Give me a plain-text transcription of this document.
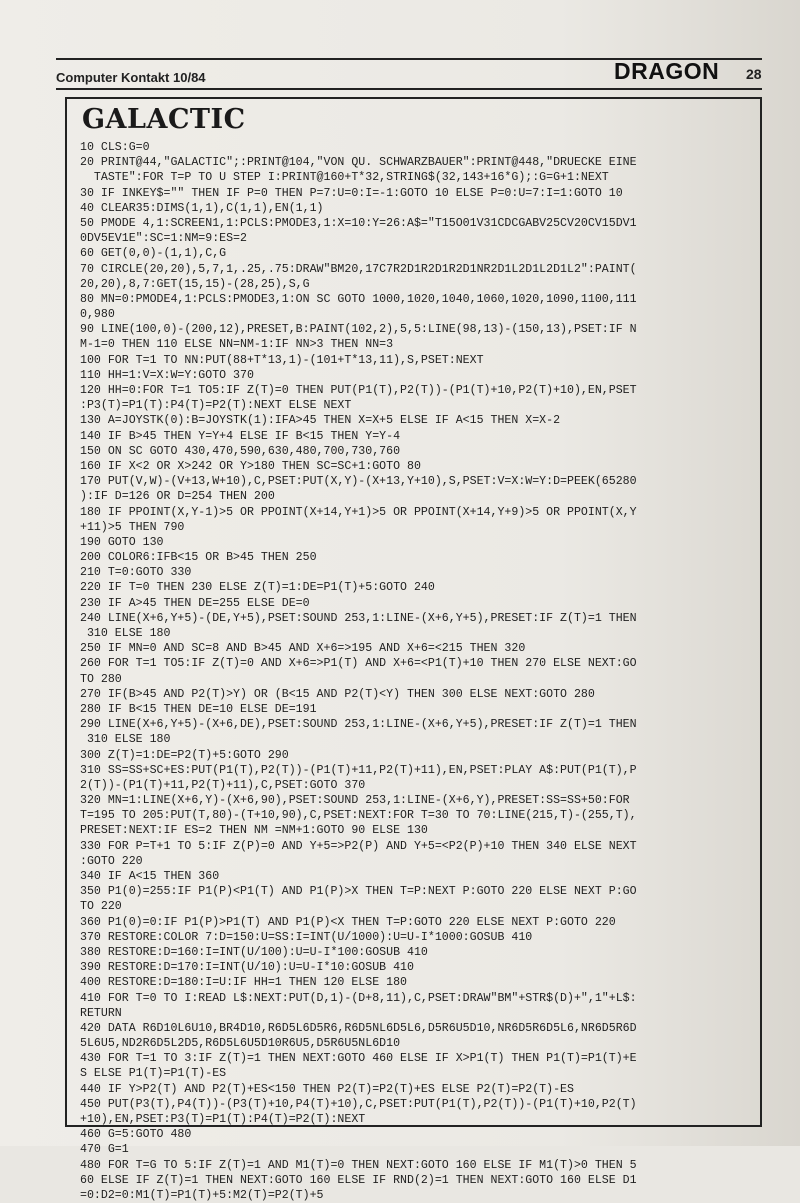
Computer Kontakt 10/84	DRAGON 28
GALACTIC
10 CLS:G=0
20 PRINT@44,"GALACTIC";:PRINT@104,"VON QU. SCHWARZBAUER":PRINT@448,"DRUECKE EINE
TASTE":FOR T=P TO U STEP I:PRINT@160+T*32,STRING$(32,143+16*G);:G=G+1:NEXT
30 IF INKEY$="" THEN IF P=0 THEN P=7:U=0:I=-1:GOTO 10 ELSE P=0:U=7:I=1:GOTO 10
40 CLEAR35:DIMS(1,1),C(1,1),EN(1,1)
50 PMODE 4,1:SCREEN1,1:PCLS:PMODE3,1:X=10:Y=26:A$="T15O01V31CDCGABV25CV20CV15DV1
0DV5EV1E":SC=1:NM=9:ES=2
60 GET(0,0)-(1,1),C,G
70 CIRCLE(20,20),5,7,1,.25,.75:DRAW"BM20,17C7R2D1R2D1R2D1NR2D1L2D1L2D1L2":PAINT(
20,20),8,7:GET(15,15)-(28,25),S,G
80 MN=0:PMODE4,1:PCLS:PMODE3,1:ON SC GOTO 1000,1020,1040,1060,1020,1090,1100,111
0,980
90 LINE(100,0)-(200,12),PRESET,B:PAINT(102,2),5,5:LINE(98,13)-(150,13),PSET:IF N
M-1=0 THEN 110 ELSE NN=NM-1:IF NN>3 THEN NN=3
100 FOR T=1 TO NN:PUT(88+T*13,1)-(101+T*13,11),S,PSET:NEXT
110 HH=1:V=X:W=Y:GOTO 370
120 HH=0:FOR T=1 TO5:IF Z(T)=0 THEN PUT(P1(T),P2(T))-(P1(T)+10,P2(T)+10),EN,PSET
:P3(T)=P1(T):P4(T)=P2(T):NEXT ELSE NEXT
130 A=JOYSTK(0):B=JOYSTK(1):IFA>45 THEN X=X+5 ELSE IF A<15 THEN X=X-2
140 IF B>45 THEN Y=Y+4 ELSE IF B<15 THEN Y=Y-4
150 ON SC GOTO 430,470,590,630,480,700,730,760
160 IF X<2 OR X>242 OR Y>180 THEN SC=SC+1:GOTO 80
170 PUT(V,W)-(V+13,W+10),C,PSET:PUT(X,Y)-(X+13,Y+10),S,PSET:V=X:W=Y:D=PEEK(65280
):IF D=126 OR D=254 THEN 200
180 IF PPOINT(X,Y-1)>5 OR PPOINT(X+14,Y+1)>5 OR PPOINT(X+14,Y+9)>5 OR PPOINT(X,Y
+11)>5 THEN 790
190 GOTO 130
200 COLOR6:IFB<15 OR B>45 THEN 250
210 T=0:GOTO 330
220 IF T=0 THEN 230 ELSE Z(T)=1:DE=P1(T)+5:GOTO 240
230 IF A>45 THEN DE=255 ELSE DE=0
240 LINE(X+6,Y+5)-(DE,Y+5),PSET:SOUND 253,1:LINE-(X+6,Y+5),PRESET:IF Z(T)=1 THEN
310 ELSE 180
250 IF MN=0 AND SC=8 AND B>45 AND X+6=>195 AND X+6=<215 THEN 320
260 FOR T=1 TO5:IF Z(T)=0 AND X+6=>P1(T) AND X+6=<P1(T)+10 THEN 270 ELSE NEXT:GO
TO 280
270 IF(B>45 AND P2(T)>Y) OR (B<15 AND P2(T)<Y) THEN 300 ELSE NEXT:GOTO 280
280 IF B<15 THEN DE=10 ELSE DE=191
290 LINE(X+6,Y+5)-(X+6,DE),PSET:SOUND 253,1:LINE-(X+6,Y+5),PRESET:IF Z(T)=1 THEN
310 ELSE 180
300 Z(T)=1:DE=P2(T)+5:GOTO 290
310 SS=SS+SC+ES:PUT(P1(T),P2(T))-(P1(T)+11,P2(T)+11),EN,PSET:PLAY A$:PUT(P1(T),P
2(T))-(P1(T)+11,P2(T)+11),C,PSET:GOTO 370
320 MN=1:LINE(X+6,Y)-(X+6,90),PSET:SOUND 253,1:LINE-(X+6,Y),PRESET:SS=SS+50:FOR
T=195 TO 205:PUT(T,80)-(T+10,90),C,PSET:NEXT:FOR T=30 TO 70:LINE(215,T)-(255,T),
PRESET:NEXT:IF ES=2 THEN NM =NM+1:GOTO 90 ELSE 130
330 FOR P=T+1 TO 5:IF Z(P)=0 AND Y+5=>P2(P) AND Y+5=<P2(P)+10 THEN 340 ELSE NEXT
:GOTO 220
340 IF A<15 THEN 360
350 P1(0)=255:IF P1(P)<P1(T) AND P1(P)>X THEN T=P:NEXT P:GOTO 220 ELSE NEXT P:GO
TO 220
360 P1(0)=0:IF P1(P)>P1(T) AND P1(P)<X THEN T=P:GOTO 220 ELSE NEXT P:GOTO 220
370 RESTORE:COLOR 7:D=150:U=SS:I=INT(U/1000):U=U-I*1000:GOSUB 410
380 RESTORE:D=160:I=INT(U/100):U=U-I*100:GOSUB 410
390 RESTORE:D=170:I=INT(U/10):U=U-I*10:GOSUB 410
400 RESTORE:D=180:I=U:IF HH=1 THEN 120 ELSE 180
410 FOR T=0 TO I:READ L$:NEXT:PUT(D,1)-(D+8,11),C,PSET:DRAW"BM"+STR$(D)+",1"+L$:
RETURN
420 DATA R6D10L6U10,BR4D10,R6D5L6D5R6,R6D5NL6D5L6,D5R6U5D10,NR6D5R6D5L6,NR6D5R6D
5L6U5,ND2R6D5L2D5,R6D5L6U5D10R6U5,D5R6U5NL6D10
430 FOR T=1 TO 3:IF Z(T)=1 THEN NEXT:GOTO 460 ELSE IF X>P1(T) THEN P1(T)=P1(T)+E
S ELSE P1(T)=P1(T)-ES
440 IF Y>P2(T) AND P2(T)+ES<150 THEN P2(T)=P2(T)+ES ELSE P2(T)=P2(T)-ES
450 PUT(P3(T),P4(T))-(P3(T)+10,P4(T)+10),C,PSET:PUT(P1(T),P2(T))-(P1(T)+10,P2(T)
+10),EN,PSET:P3(T)=P1(T):P4(T)=P2(T):NEXT
460 G=5:GOTO 480
470 G=1
480 FOR T=G TO 5:IF Z(T)=1 AND M1(T)=0 THEN NEXT:GOTO 160 ELSE IF M1(T)>0 THEN 5
60 ELSE IF Z(T)=1 THEN NEXT:GOTO 160 ELSE IF RND(2)=1 THEN NEXT:GOTO 160 ELSE D1
=0:D2=0:M1(T)=P1(T)+5:M2(T)=P2(T)+5
